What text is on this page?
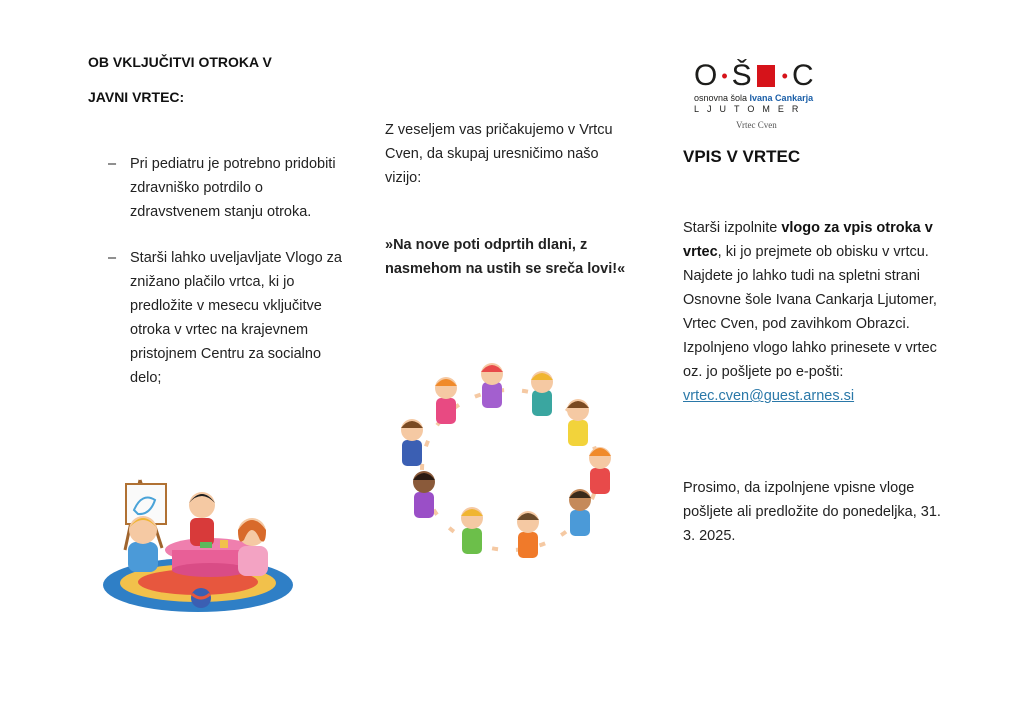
OB VKLJUČITVI OTROKA V
JAVNI VRTEC:
– Pri pediatru je potrebno pridobiti zdravniško potrdilo o zdravstvenem stanju otroka.
– Starši lahko uveljavljate Vlogo za znižano plačilo vrtca, ki jo predložite v mesecu vključitve otroka v vrtec na krajevnem pristojnem Centru za socialno delo;
Z veseljem vas pričakujemo v Vrtcu Cven, da skupaj uresničimo našo vizijo:
»Na nove poti odprtih dlani, z nasmehom na ustih se sreča lovi!«
O • Š • C
osnovna šola Ivana Cankarja
LJUTOMER
Vrtec Cven
VPIS V VRTEC
Starši izpolnite vlogo za vpis otroka v vrtec, ki jo prejmete ob obisku v vrtcu. Najdete jo lahko tudi na spletni strani Osnovne šole Ivana Cankarja Ljutomer, Vrtec Cven, pod zavihkom Obrazci. Izpolnjeno vlogo lahko prinesete v vrtec oz. jo pošljete po e-pošti: vrtec.cven@guest.arnes.si
Prosimo, da izpolnjene vpisne vloge pošljete ali predložite do ponedeljka, 31. 3. 2025.
